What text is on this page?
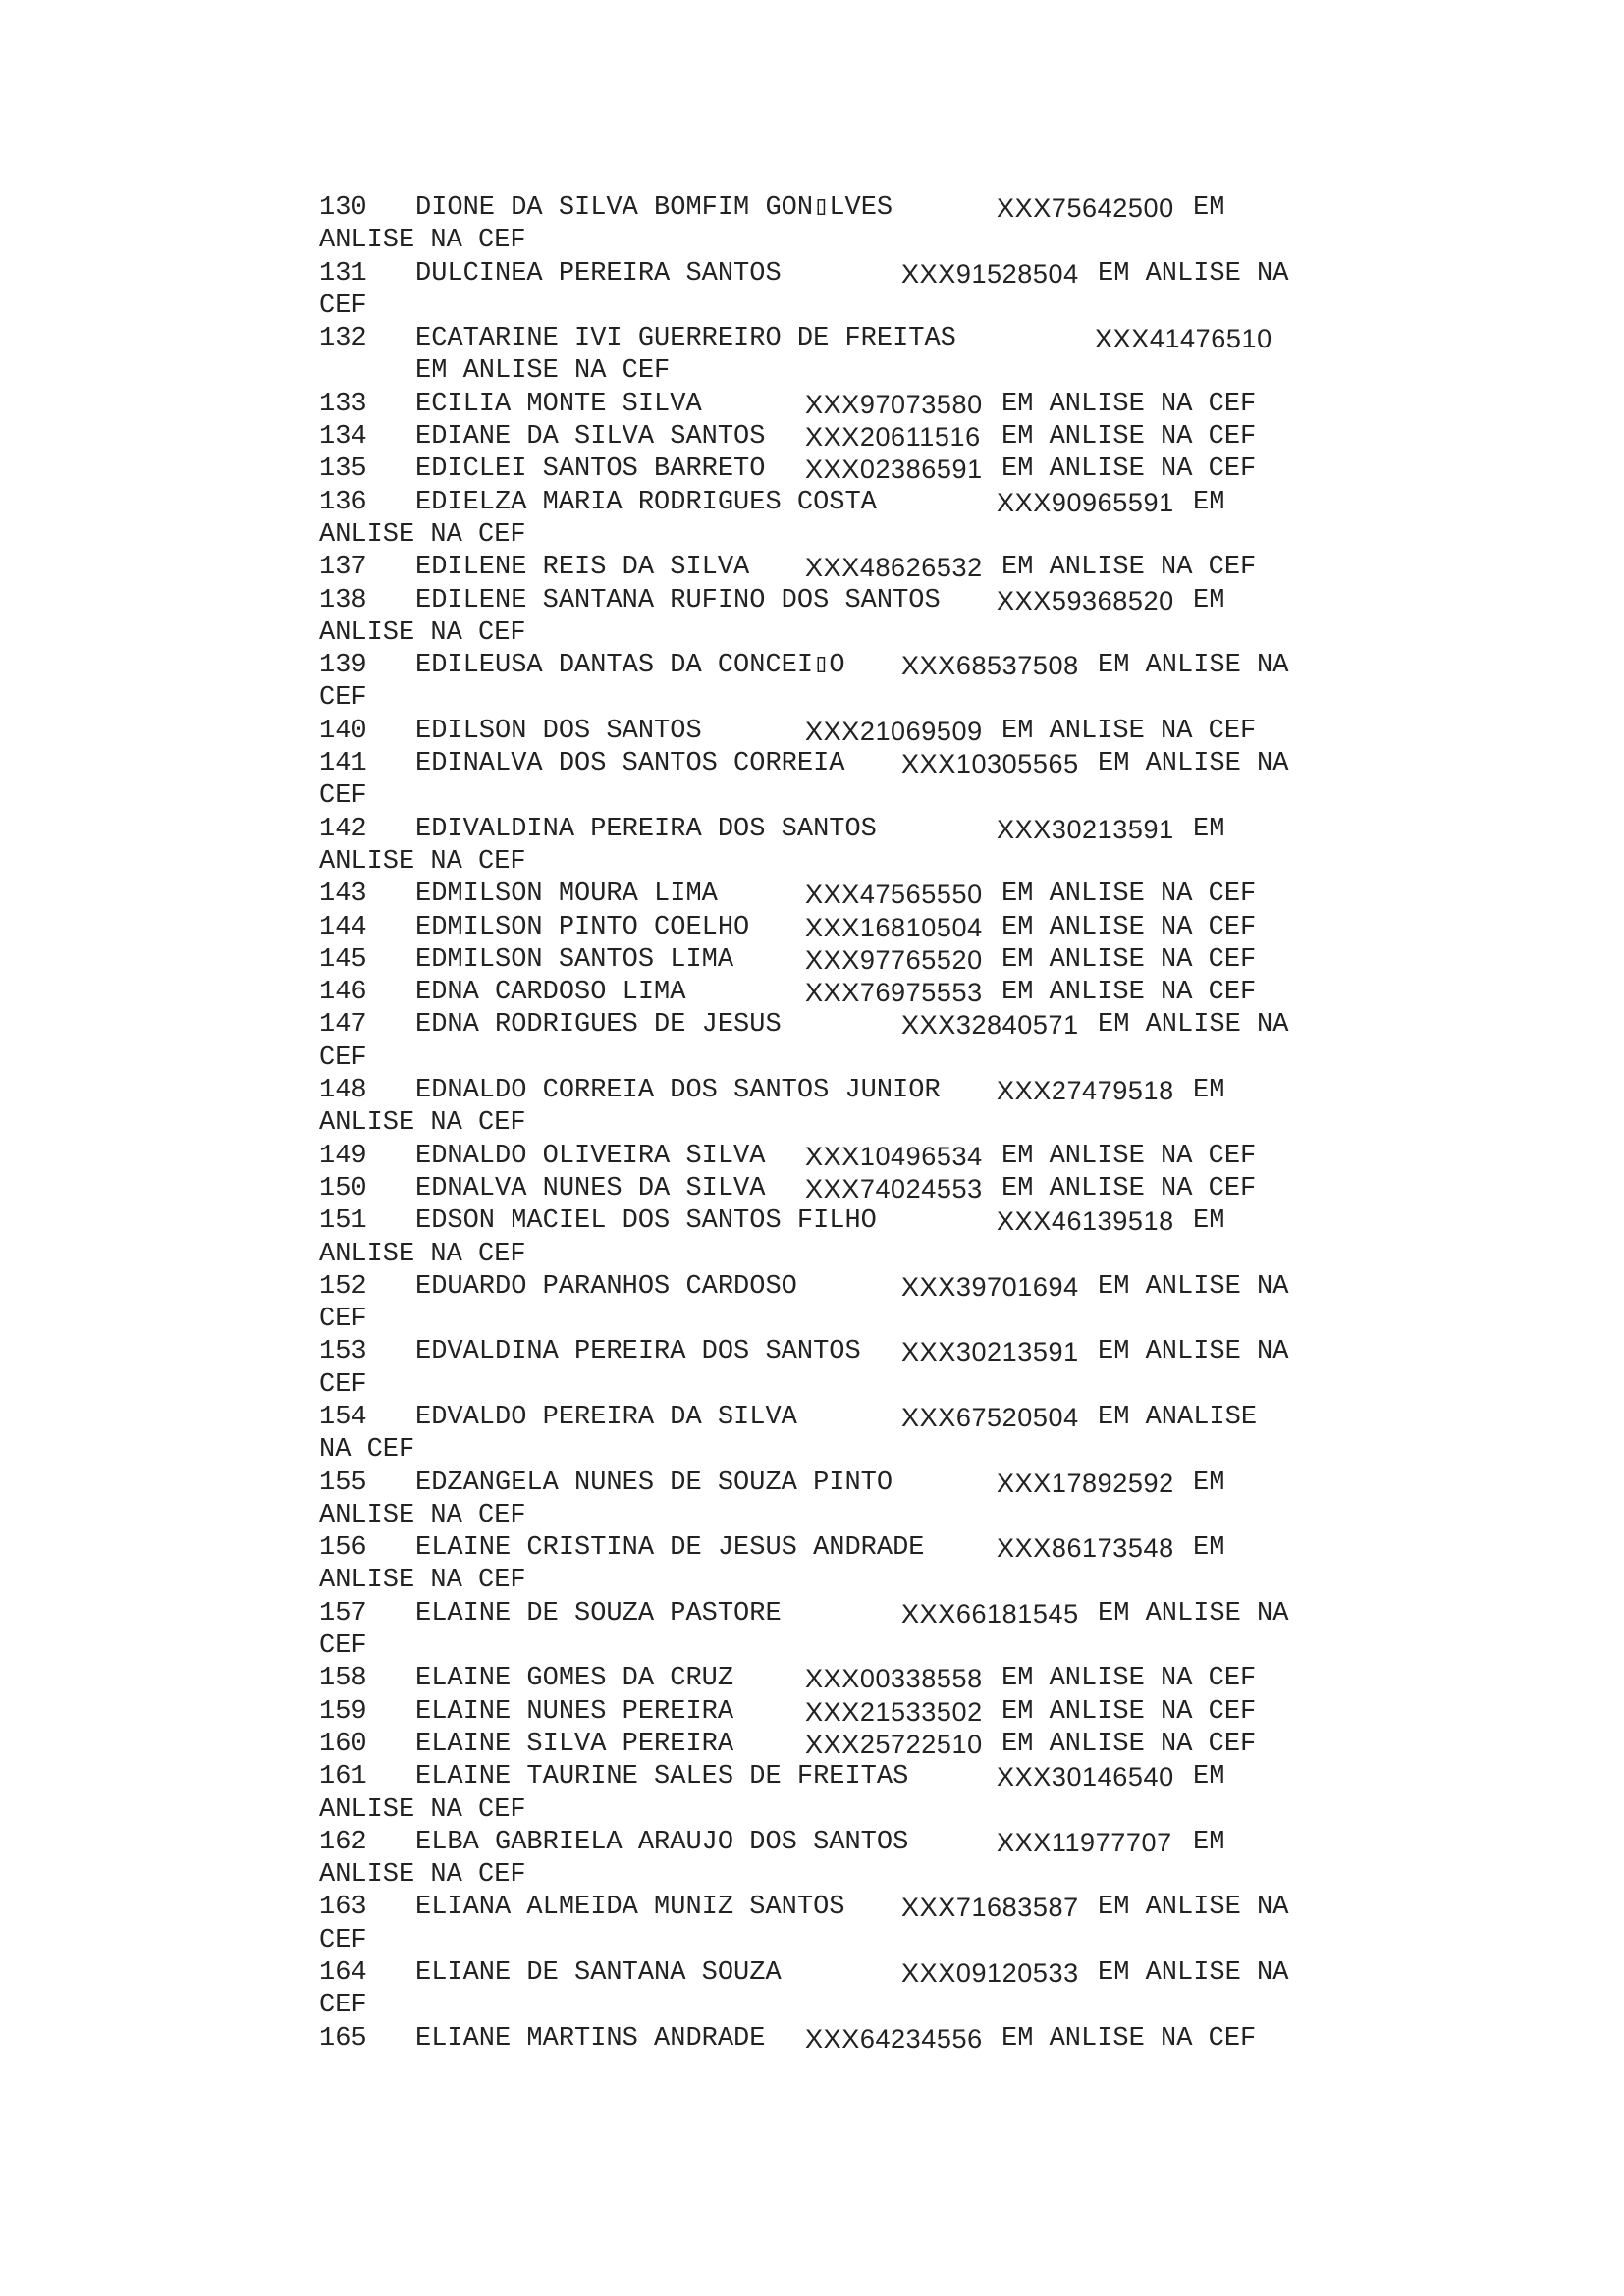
130 DIONE DA SILVA BOMFIM GON▯LVES	XXX75642500 EM
ANLISE NA CEF
131 DULCINEA PEREIRA SANTOS	XXX91528504 EM ANLISE NA
CEF
132 ECATARINE IVI GUERREIRO DE FREITAS	XXX41476510
EM ANLISE NA CEF
133 ECILIA MONTE SILVA	XXX97073580 EM ANLISE NA CEF
134 EDIANE DA SILVA SANTOS XXX20611516 EM ANLISE NA CEF
135 EDICLEI SANTOS BARRETO XXX02386591 EM ANLISE NA CEF
136 EDIELZA MARIA RODRIGUES COSTA	XXX90965591 EM
ANLISE NA CEF
137 EDILENE REIS DA SILVA XXX48626532 EM ANLISE NA CEF
138 EDILENE SANTANA RUFINO DOS SANTOS XXX59368520 EM
ANLISE NA CEF
139 EDILEUSA DANTAS DA CONCEI▯O XXX68537508 EM ANLISE NA
CEF
140 EDILSON DOS SANTOS	XXX21069509 EM ANLISE NA CEF
141 EDINALVA DOS SANTOS CORREIA XXX10305565 EM ANLISE NA
CEF
142 EDIVALDINA PEREIRA DOS SANTOS	XXX30213591 EM
ANLISE NA CEF
143 EDMILSON MOURA LIMA	XXX47565550 EM ANLISE NA CEF
144 EDMILSON PINTO COELHO XXX16810504 EM ANLISE NA CEF
145 EDMILSON SANTOS LIMA	XXX97765520 EM ANLISE NA CEF
146 EDNA CARDOSO LIMA	XXX76975553 EM ANLISE NA CEF
147 EDNA RODRIGUES DE JESUS	XXX32840571 EM ANLISE NA
CEF
148 EDNALDO CORREIA DOS SANTOS JUNIOR XXX27479518 EM
ANLISE NA CEF
149 EDNALDO OLIVEIRA SILVA XXX10496534 EM ANLISE NA CEF
150 EDNALVA NUNES DA SILVA XXX74024553 EM ANLISE NA CEF
151 EDSON MACIEL DOS SANTOS FILHO	XXX46139518 EM
ANLISE NA CEF
152 EDUARDO PARANHOS CARDOSO	XXX39701694 EM ANLISE NA
CEF
153 EDVALDINA PEREIRA DOS SANTOS XXX30213591 EM ANLISE NA
CEF
154 EDVALDO PEREIRA DA SILVA	XXX67520504 EM ANALISE
NA CEF
155 EDZANGELA NUNES DE SOUZA PINTO	XXX17892592 EM
ANLISE NA CEF
156 ELAINE CRISTINA DE JESUS ANDRADE	XXX86173548 EM
ANLISE NA CEF
157 ELAINE DE SOUZA PASTORE	XXX66181545 EM ANLISE NA
CEF
158 ELAINE GOMES DA CRUZ	XXX00338558 EM ANLISE NA CEF
159 ELAINE NUNES PEREIRA	XXX21533502 EM ANLISE NA CEF
160 ELAINE SILVA PEREIRA	XXX25722510 EM ANLISE NA CEF
161 ELAINE TAURINE SALES DE FREITAS	XXX30146540 EM
ANLISE NA CEF
162 ELBA GABRIELA ARAUJO DOS SANTOS	XXX11977707 EM
ANLISE NA CEF
163 ELIANA ALMEIDA MUNIZ SANTOS XXX71683587 EM ANLISE NA
CEF
164 ELIANE DE SANTANA SOUZA	XXX09120533 EM ANLISE NA
CEF
165 ELIANE MARTINS ANDRADE XXX64234556 EM ANLISE NA CEF
